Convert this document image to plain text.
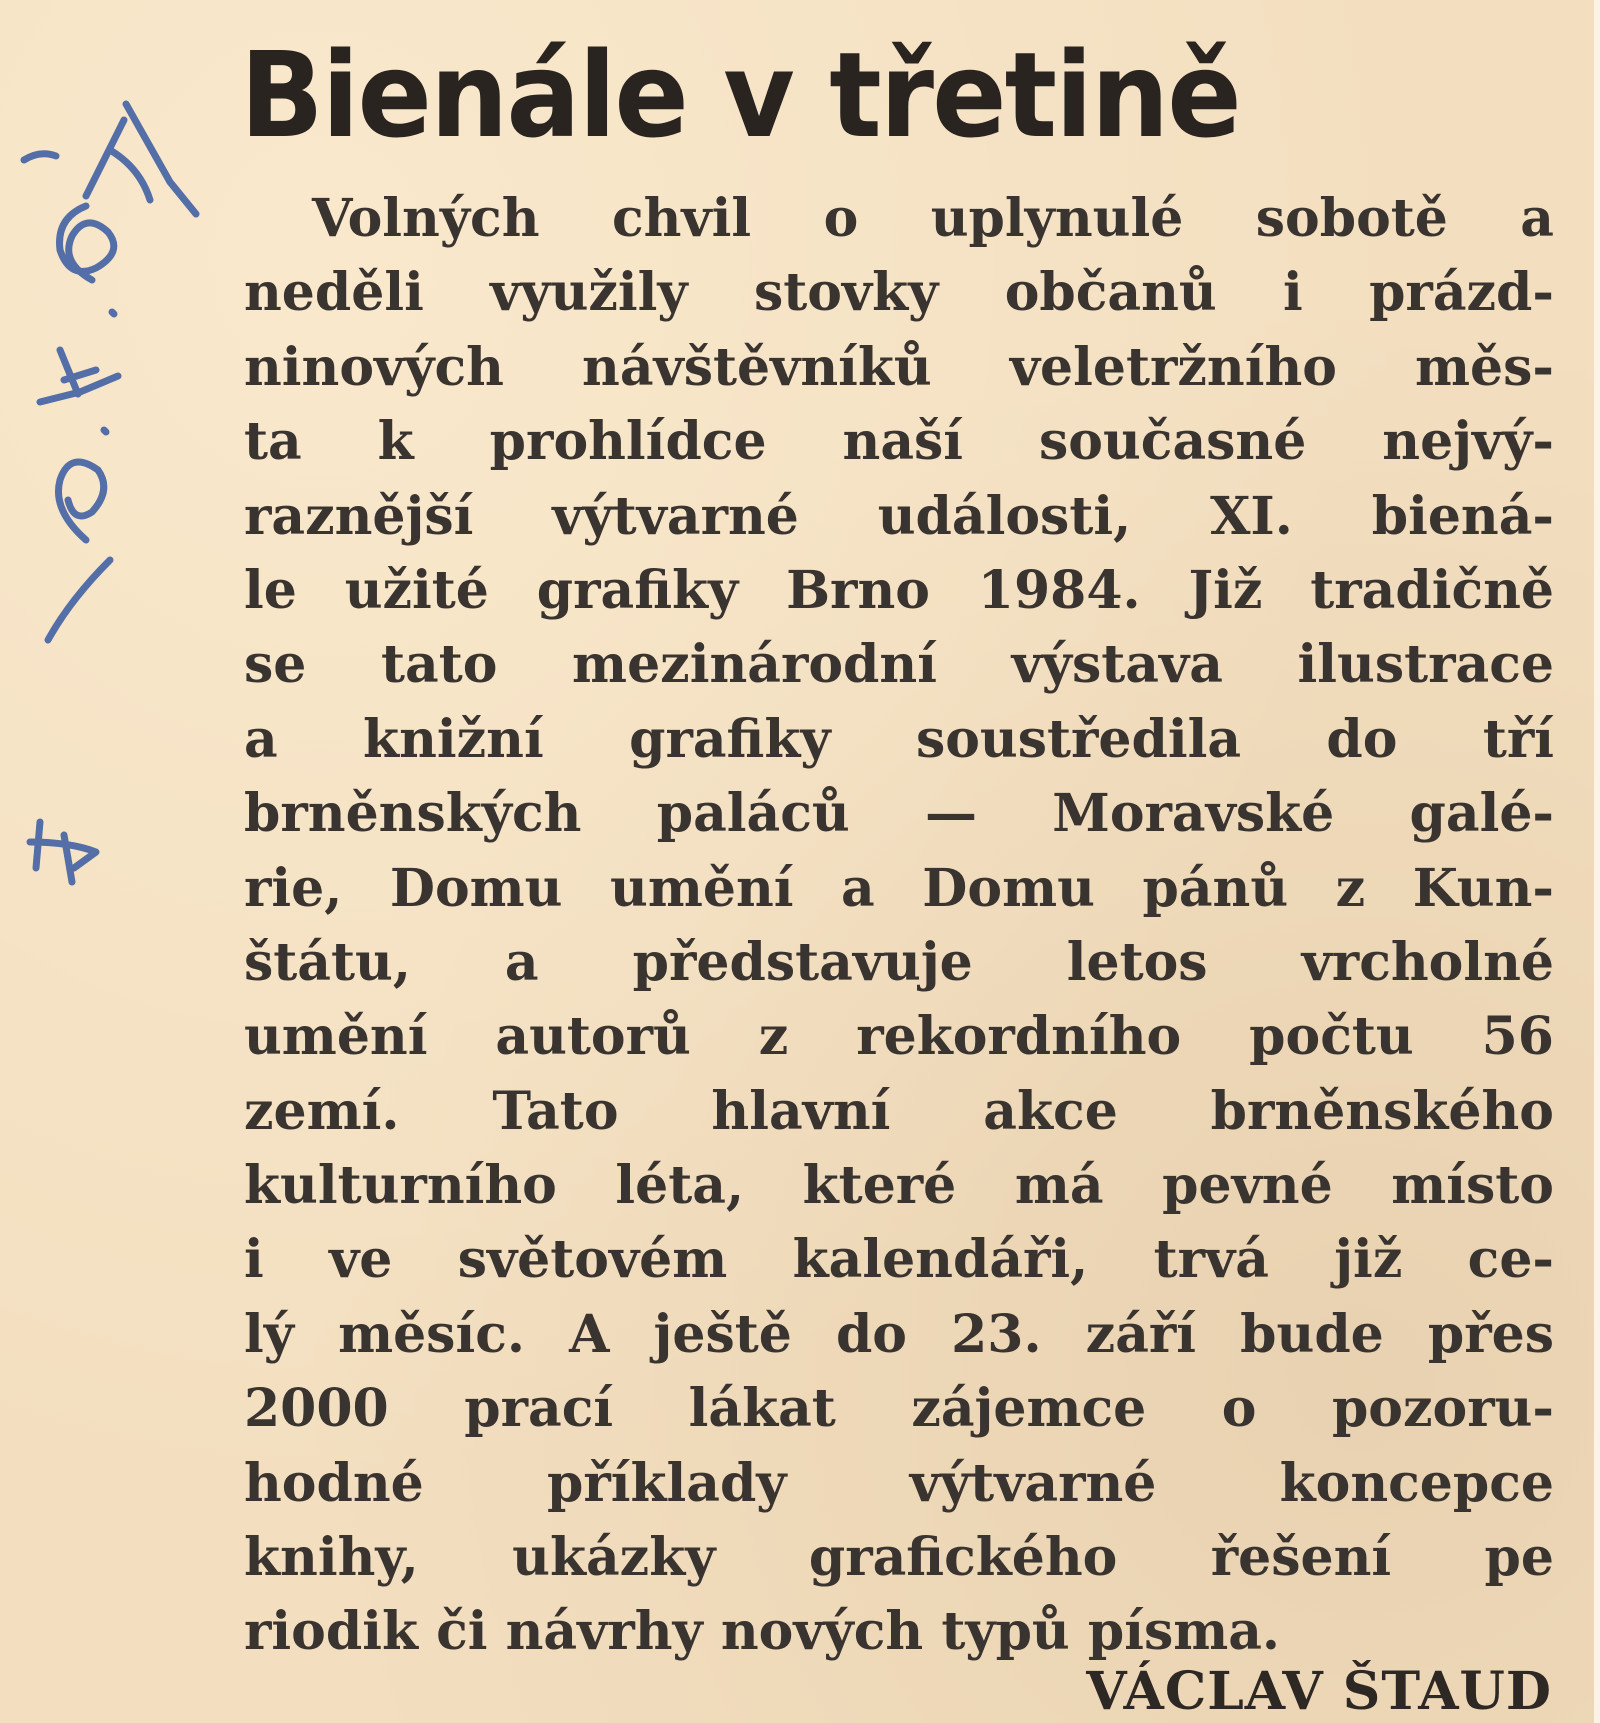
Bienále v třetině
Volných chvil o uplynulé sobotě a
neděli využily stovky občanů i prázd-
ninových návštěvníků veletržního měs-
ta k prohlídce naší současné nejvý-
raznější výtvarné události, XI. biená-
le užité grafiky Brno 1984. Již tradičně
se tato mezinárodní výstava ilustrace
a knižní grafiky soustředila do tří
brněnských paláců — Moravské galé-
rie, Domu umění a Domu pánů z Kun-
štátu, a představuje letos vrcholné
umění autorů z rekordního počtu 56
zemí. Tato hlavní akce brněnského
kulturního léta, které má pevné místo
i ve světovém kalendáři, trvá již ce-
lý měsíc. A ještě do 23. září bude přes
2000 prací lákat zájemce o pozoru-
hodné příklady výtvarné koncepce
knihy, ukázky grafického řešení pe
riodik či návrhy nových typů písma.
VÁCLAV ŠTAUD
